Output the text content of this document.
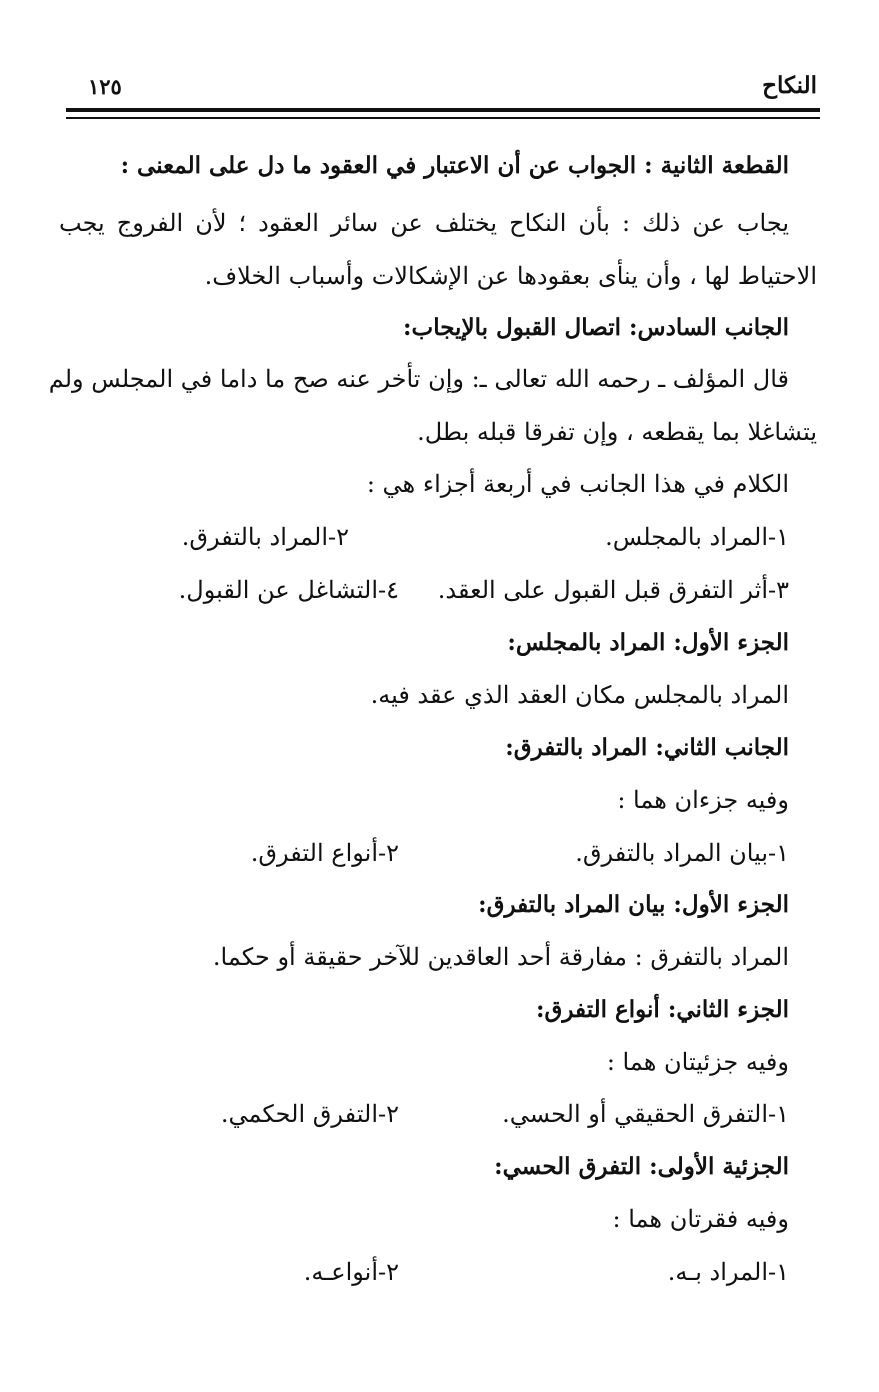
النكاح
١٢٥
القطعة الثانية : الجواب عن أن الاعتبار في العقود ما دل على المعنى :
يجاب عن ذلك : بأن النكاح يختلف عن سائر العقود ؛ لأن الفروج يجب
الاحتياط لها ، وأن ينأى بعقودها عن الإشكالات وأسباب الخلاف.
الجانب السادس: اتصال القبول بالإيجاب:
قال المؤلف ـ رحمه الله تعالى ـ: وإن تأخر عنه صح ما داما في المجلس ولم
يتشاغلا بما يقطعه ، وإن تفرقا قبله بطل.
الكلام في هذا الجانب في أربعة أجزاء هي :
١-المراد بالمجلس.
٢-المراد بالتفرق.
٣-أثر التفرق قبل القبول على العقد.
٤-التشاغل عن القبول.
الجزء الأول: المراد بالمجلس:
المراد بالمجلس مكان العقد الذي عقد فيه.
الجانب الثاني: المراد بالتفرق:
وفيه جزءان هما :
١-بيان المراد بالتفرق.
٢-أنواع التفرق.
الجزء الأول: بيان المراد بالتفرق:
المراد بالتفرق : مفارقة أحد العاقدين للآخر حقيقة أو حكما.
الجزء الثاني: أنواع التفرق:
وفيه جزئيتان هما :
١-التفرق الحقيقي أو الحسي.
٢-التفرق الحكمي.
الجزئية الأولى: التفرق الحسي:
وفيه فقرتان هما :
١-المراد بـه.
٢-أنواعـه.
